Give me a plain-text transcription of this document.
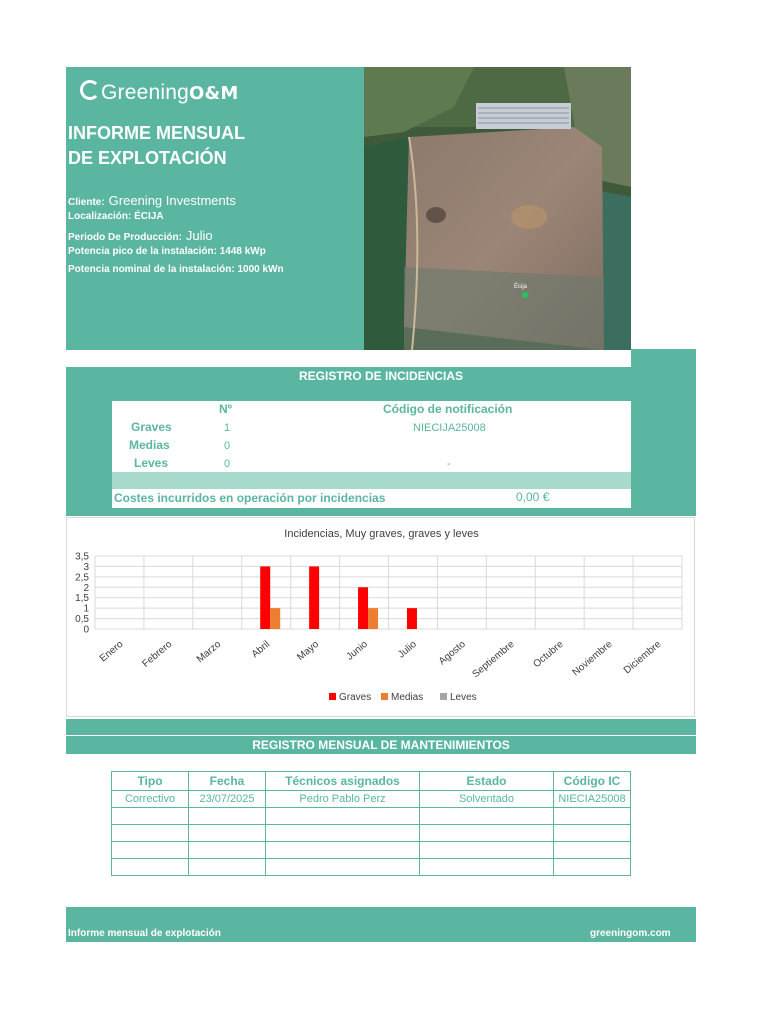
GreeningO&M
INFORME MENSUAL
DE EXPLOTACIÓN
Cliente: Greening Investments
Localización: ÉCIJA
Periodo De Producción: Julio
Potencia pico de la instalación: 1448 kWp
Potencia nominal de la instalación: 1000 kWn
Écija
REGISTRO DE INCIDENCIAS
Nº	Código de notificación
Graves	1	NIECIJA25008
Medias	0
Leves	0	-
Costes incurridos en operación por incidencias	0,00 €
Incidencias, Muy graves, graves y leves
0
0,5
1
1,5
2
2,5
3
3,5
Enero Febrero Marzo	Abril Mayo Junio	Julio Agosto Septiembre Octubre Noviembre Diciembre
Graves Medias	Leves
REGISTRO MENSUAL DE MANTENIMIENTOS
Tipo	Fecha	Técnicos asignados	Estado	Código IC
Correctivo	23/07/2025	Pedro Pablo Perz	Solventado	NIECIA25008

Informe mensual de explotación	greeningom.com
